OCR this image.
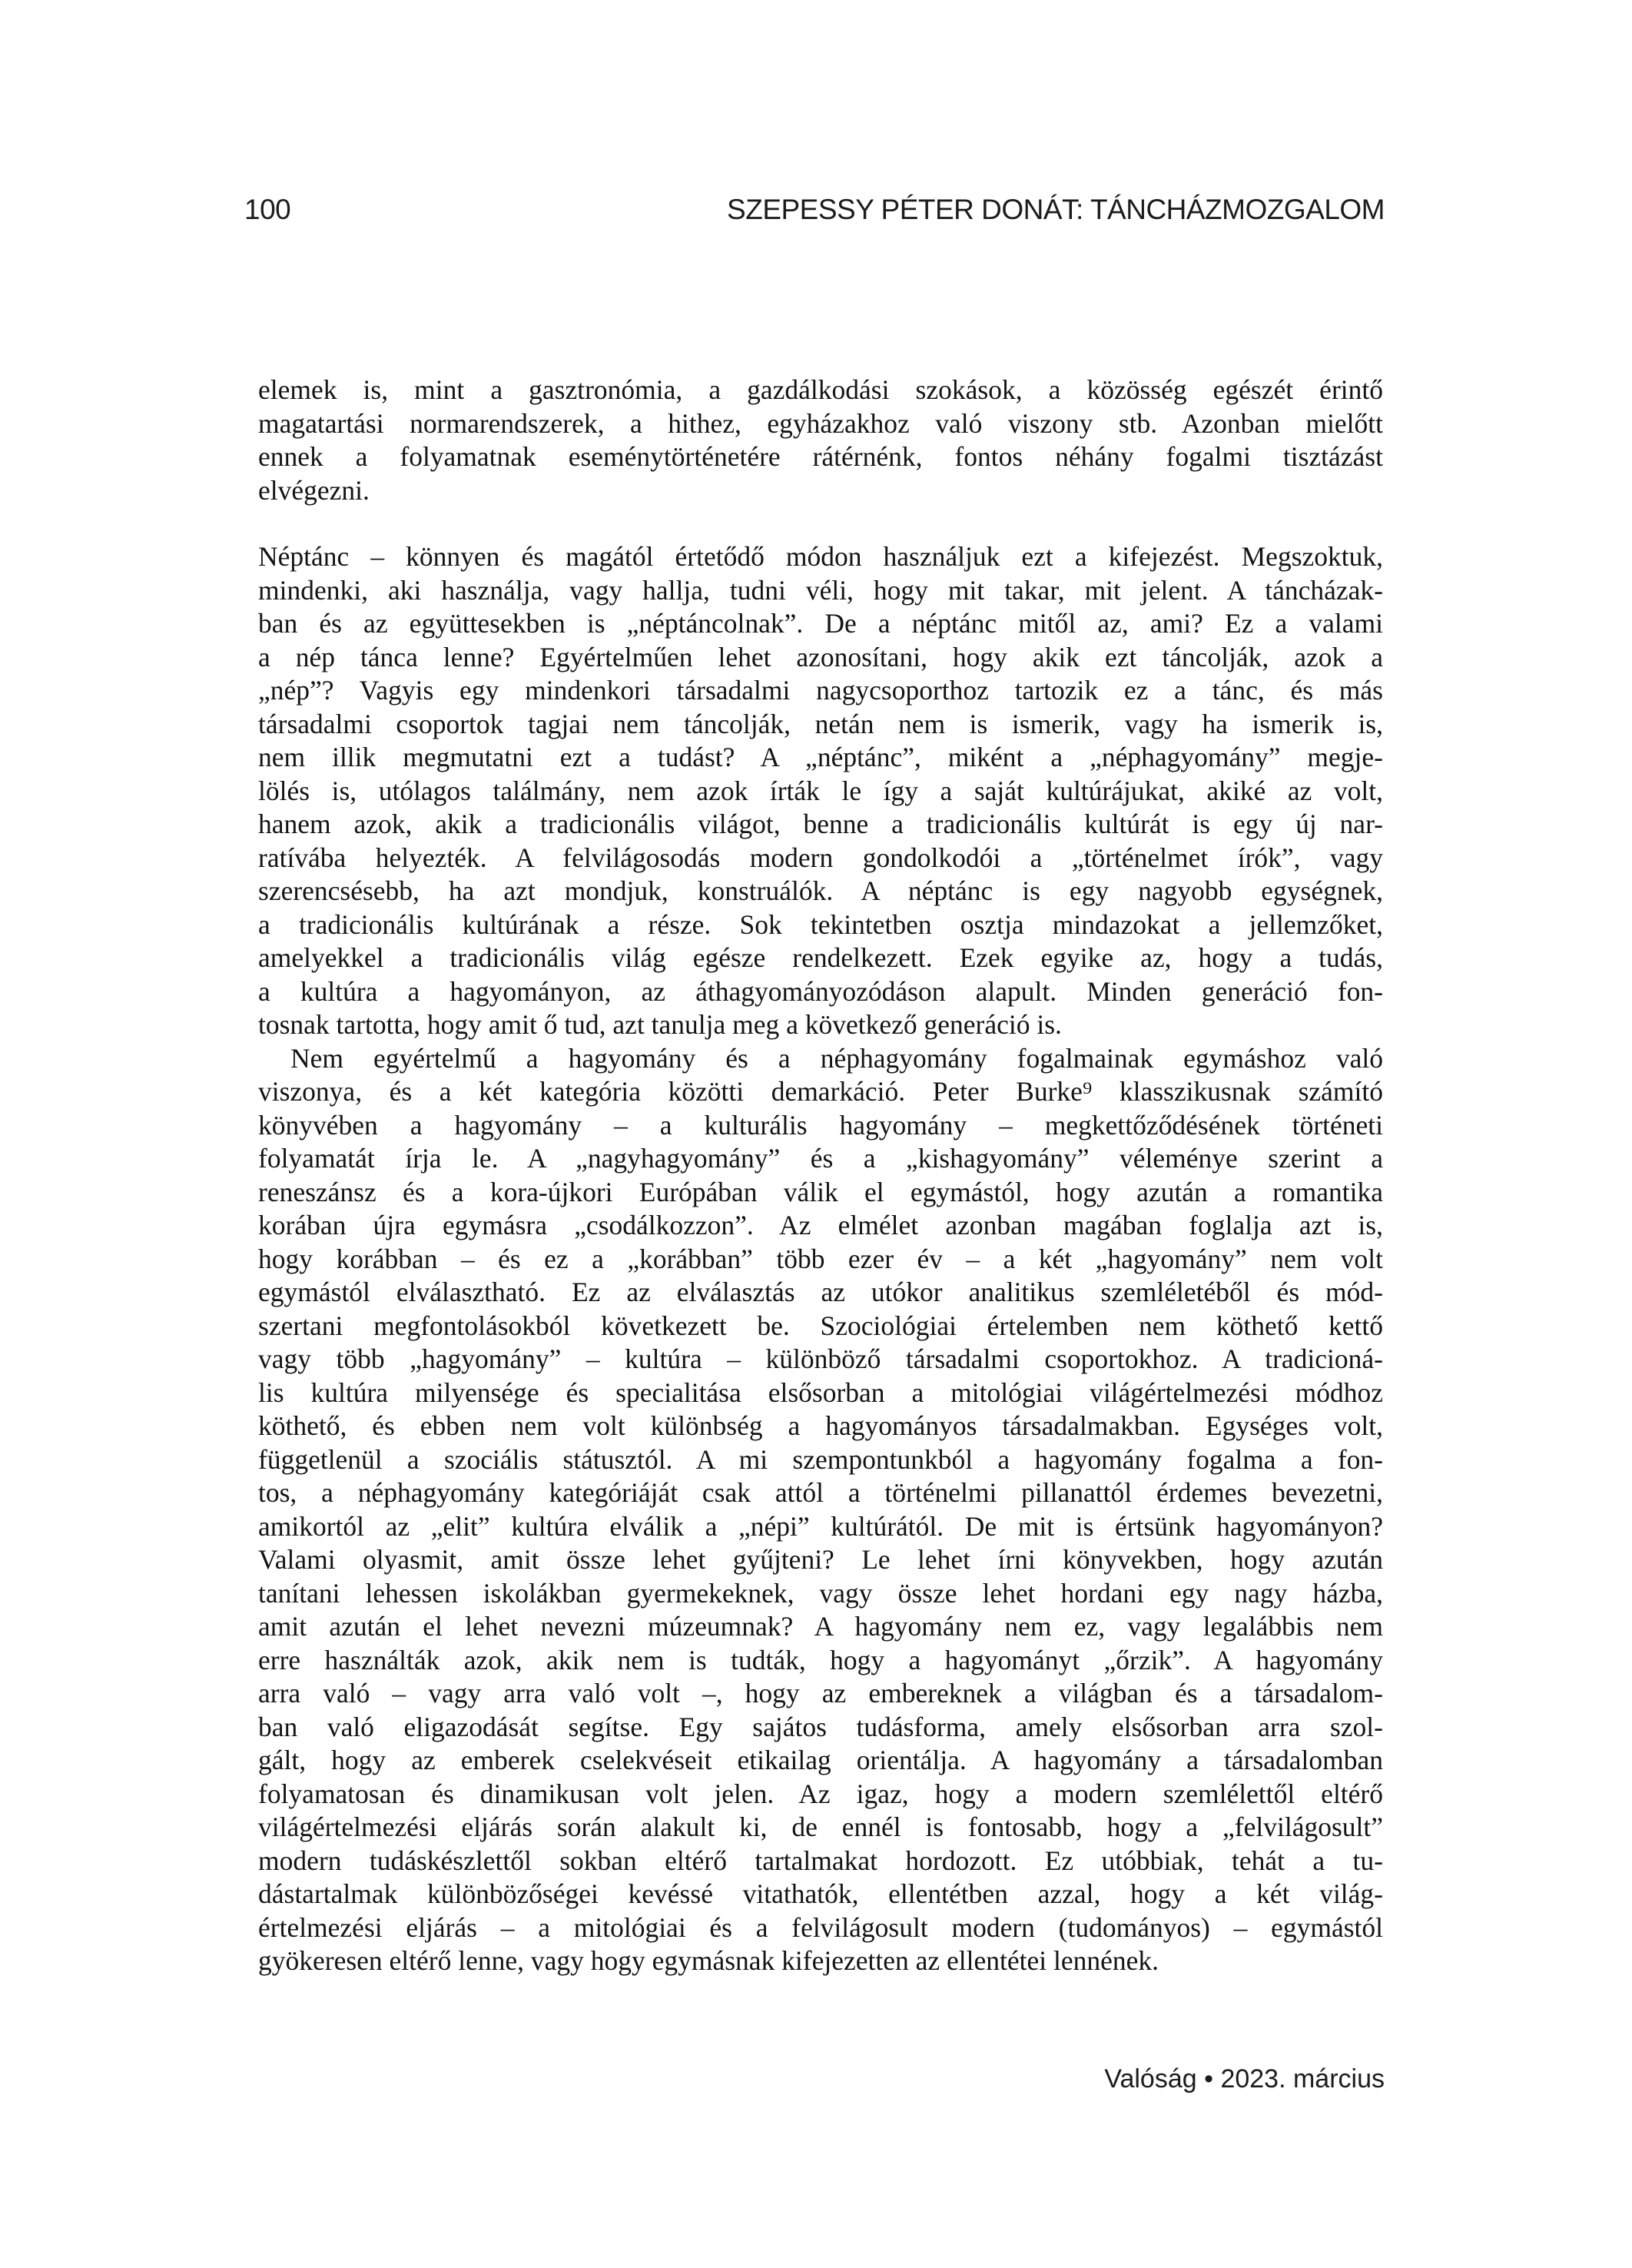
100	SZEPESSY PÉTER DONÁT: TÁNCHÁZMOZGALOM

elemek is, mint a gasztronómia, a gazdálkodási szokások, a közösség egészét érintő
magatartási normarendszerek, a hithez, egyházakhoz való viszony stb. Azonban mielőtt
ennek a folyamatnak eseménytörténetére rátérnénk, fontos néhány fogalmi tisztázást
elvégezni.

Néptánc – könnyen és magától értetődő módon használjuk ezt a kifejezést. Megszoktuk,
mindenki, aki használja, vagy hallja, tudni véli, hogy mit takar, mit jelent. A táncházak-
ban és az együttesekben is „néptáncolnak”. De a néptánc mitől az, ami? Ez a valami
a nép tánca lenne? Egyértelműen lehet azonosítani, hogy akik ezt táncolják, azok a
„nép”? Vagyis egy mindenkori társadalmi nagycsoporthoz tartozik ez a tánc, és más
társadalmi csoportok tagjai nem táncolják, netán nem is ismerik, vagy ha ismerik is,
nem illik megmutatni ezt a tudást? A „néptánc”, miként a „néphagyomány” megje-
lölés is, utólagos találmány, nem azok írták le így a saját kultúrájukat, akiké az volt,
hanem azok, akik a tradicionális világot, benne a tradicionális kultúrát is egy új nar-
ratívába helyezték. A felvilágosodás modern gondolkodói a „történelmet írók”, vagy
szerencsésebb, ha azt mondjuk, konstruálók. A néptánc is egy nagyobb egységnek,
a tradicionális kultúrának a része. Sok tekintetben osztja mindazokat a jellemzőket,
amelyekkel a tradicionális világ egésze rendelkezett. Ezek egyike az, hogy a tudás,
a kultúra a hagyományon, az áthagyományozódáson alapult. Minden generáció fon-
tosnak tartotta, hogy amit ő tud, azt tanulja meg a következő generáció is.

Nem egyértelmű a hagyomány és a néphagyomány fogalmainak egymáshoz való
viszonya, és a két kategória közötti demarkáció. Peter Burke⁹ klasszikusnak számító
könyvében a hagyomány – a kulturális hagyomány – megkettőződésének történeti
folyamatát írja le. A „nagyhagyomány” és a „kishagyomány” véleménye szerint a
reneszánsz és a kora-újkori Európában válik el egymástól, hogy azután a romantika
korában újra egymásra „csodálkozzon”. Az elmélet azonban magában foglalja azt is,
hogy korábban – és ez a „korábban” több ezer év – a két „hagyomány” nem volt
egymástól elválasztható. Ez az elválasztás az utókor analitikus szemléletéből és mód-
szertani megfontolásokból következett be. Szociológiai értelemben nem köthető kettő
vagy több „hagyomány” – kultúra – különböző társadalmi csoportokhoz. A tradicioná-
lis kultúra milyensége és specialitása elsősorban a mitológiai világértelmezési módhoz
köthető, és ebben nem volt különbség a hagyományos társadalmakban. Egységes volt,
függetlenül a szociális státusztól. A mi szempontunkból a hagyomány fogalma a fon-
tos, a néphagyomány kategóriáját csak attól a történelmi pillanattól érdemes bevezetni,
amikortól az „elit” kultúra elválik a „népi” kultúrától. De mit is értsünk hagyományon?
Valami olyasmit, amit össze lehet gyűjteni? Le lehet írni könyvekben, hogy azután
tanítani lehessen iskolákban gyermekeknek, vagy össze lehet hordani egy nagy házba,
amit azután el lehet nevezni múzeumnak? A hagyomány nem ez, vagy legalábbis nem
erre használták azok, akik nem is tudták, hogy a hagyományt „őrzik”. A hagyomány
arra való – vagy arra való volt –, hogy az embereknek a világban és a társadalom-
ban való eligazodását segítse. Egy sajátos tudásforma, amely elsősorban arra szol-
gált, hogy az emberek cselekvéseit etikailag orientálja. A hagyomány a társadalomban
folyamatosan és dinamikusan volt jelen. Az igaz, hogy a modern szemlélettől eltérő
világértelmezési eljárás során alakult ki, de ennél is fontosabb, hogy a „felvilágosult”
modern tudáskészlettől sokban eltérő tartalmakat hordozott. Ez utóbbiak, tehát a tu-
dástartalmak különbözőségei kevéssé vitathatók, ellentétben azzal, hogy a két világ-
értelmezési eljárás – a mitológiai és a felvilágosult modern (tudományos) – egymástól
gyökeresen eltérő lenne, vagy hogy egymásnak kifejezetten az ellentétei lennének.

Valóság • 2023. március
